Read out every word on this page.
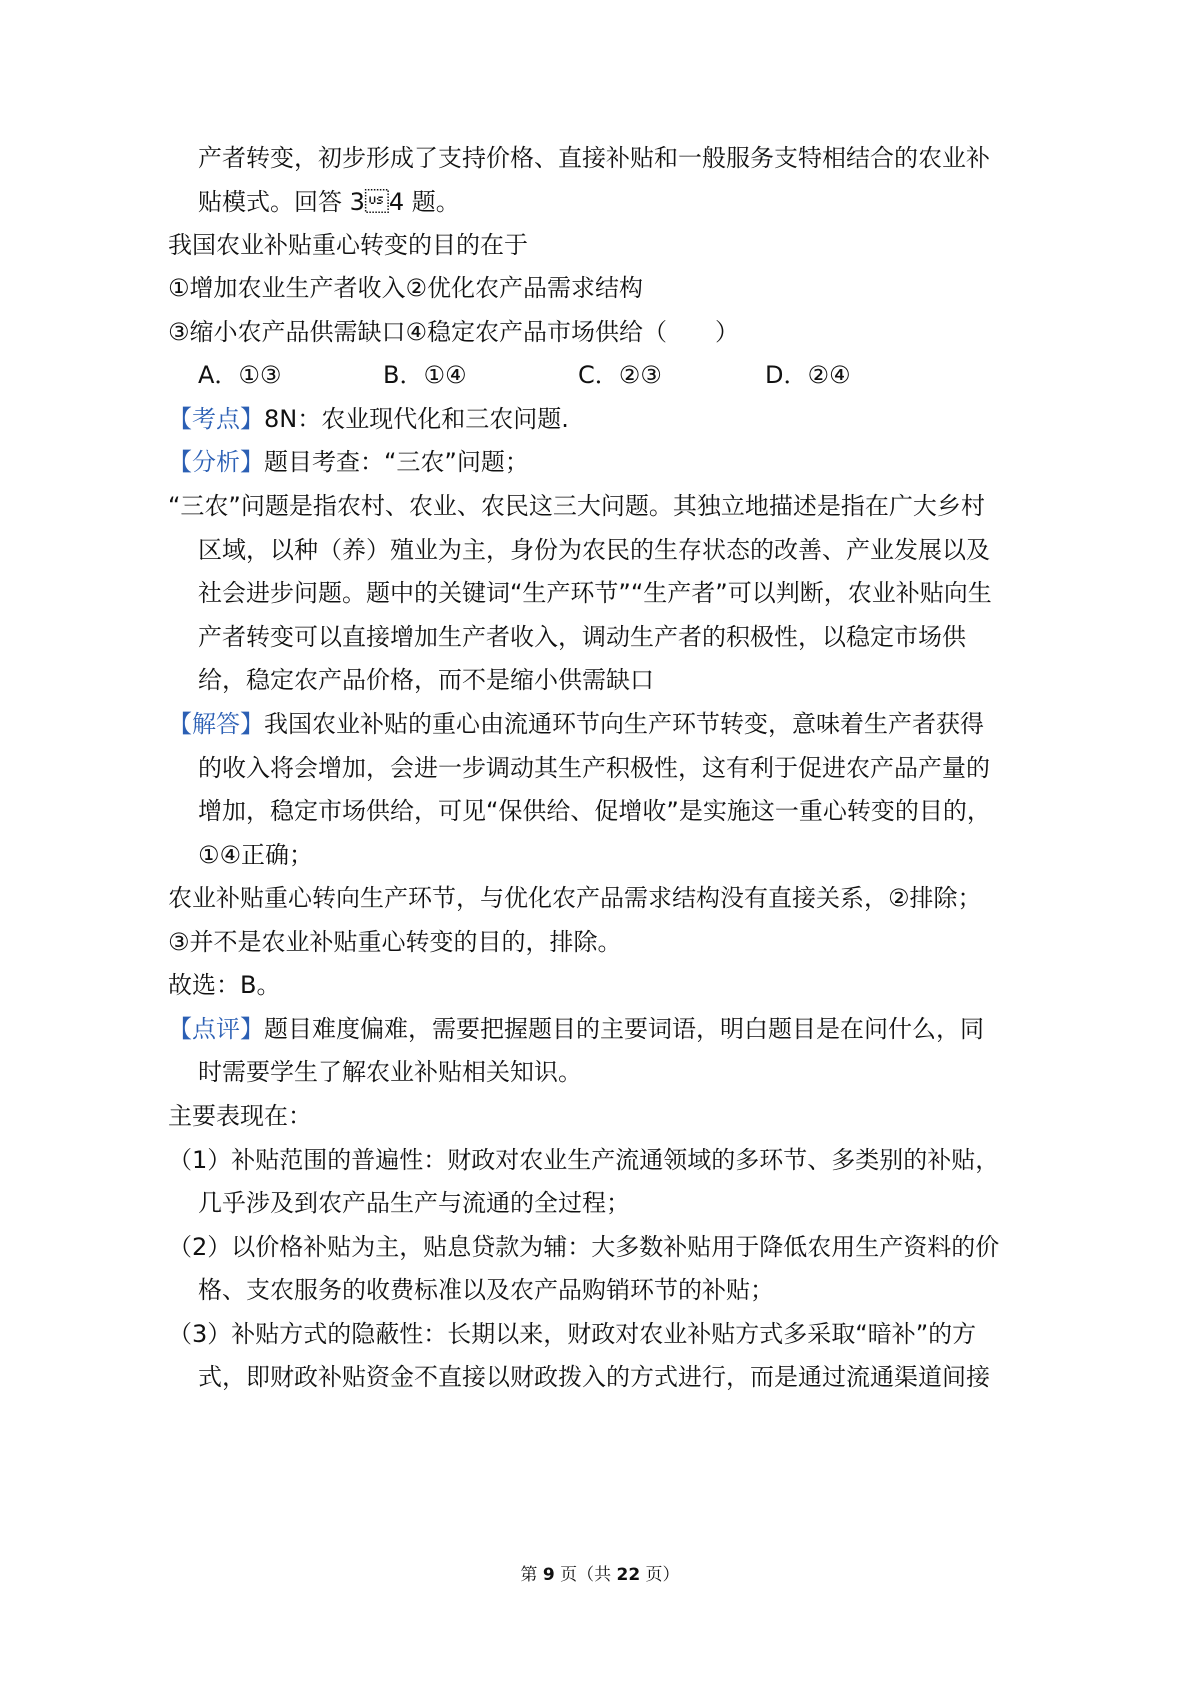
产者转变，初步形成了支持价格、直接补贴和一般服务支特相结合的农业补
贴模式。回答 34 题。
我国农业补贴重心转变的目的在于
①增加农业生产者收入②优化农产品需求结构
③缩小农产品供需缺口④稳定农产品市场供给（　　）
A．①③	B．①④	C．②③	D．②④
【考点】8N：农业现代化和三农问题.
【分析】题目考查：“三农”问题；
“三农”问题是指农村、农业、农民这三大问题。其独立地描述是指在广大乡村
区域，以种（养）殖业为主，身份为农民的生存状态的改善、产业发展以及
社会进步问题。题中的关键词“生产环节”“生产者”可以判断，农业补贴向生
产者转变可以直接增加生产者收入，调动生产者的积极性，以稳定市场供
给，稳定农产品价格，而不是缩小供需缺口
【解答】我国农业补贴的重心由流通环节向生产环节转变，意味着生产者获得
的收入将会增加，会进一步调动其生产积极性，这有利于促进农产品产量的
增加，稳定市场供给，可见“保供给、促增收”是实施这一重心转变的目的，
①④正确；
农业补贴重心转向生产环节，与优化农产品需求结构没有直接关系，②排除；
③并不是农业补贴重心转变的目的，排除。
故选：B。
【点评】题目难度偏难，需要把握题目的主要词语，明白题目是在问什么，同
时需要学生了解农业补贴相关知识。
主要表现在：
（1）补贴范围的普遍性：财政对农业生产流通领域的多环节、多类别的补贴，
几乎涉及到农产品生产与流通的全过程；
（2）以价格补贴为主，贴息贷款为辅：大多数补贴用于降低农用生产资料的价
格、支农服务的收费标准以及农产品购销环节的补贴；
（3）补贴方式的隐蔽性：长期以来，财政对农业补贴方式多采取“暗补”的方
式，即财政补贴资金不直接以财政拨入的方式进行，而是通过流通渠道间接
第 9 页（共 22 页）
